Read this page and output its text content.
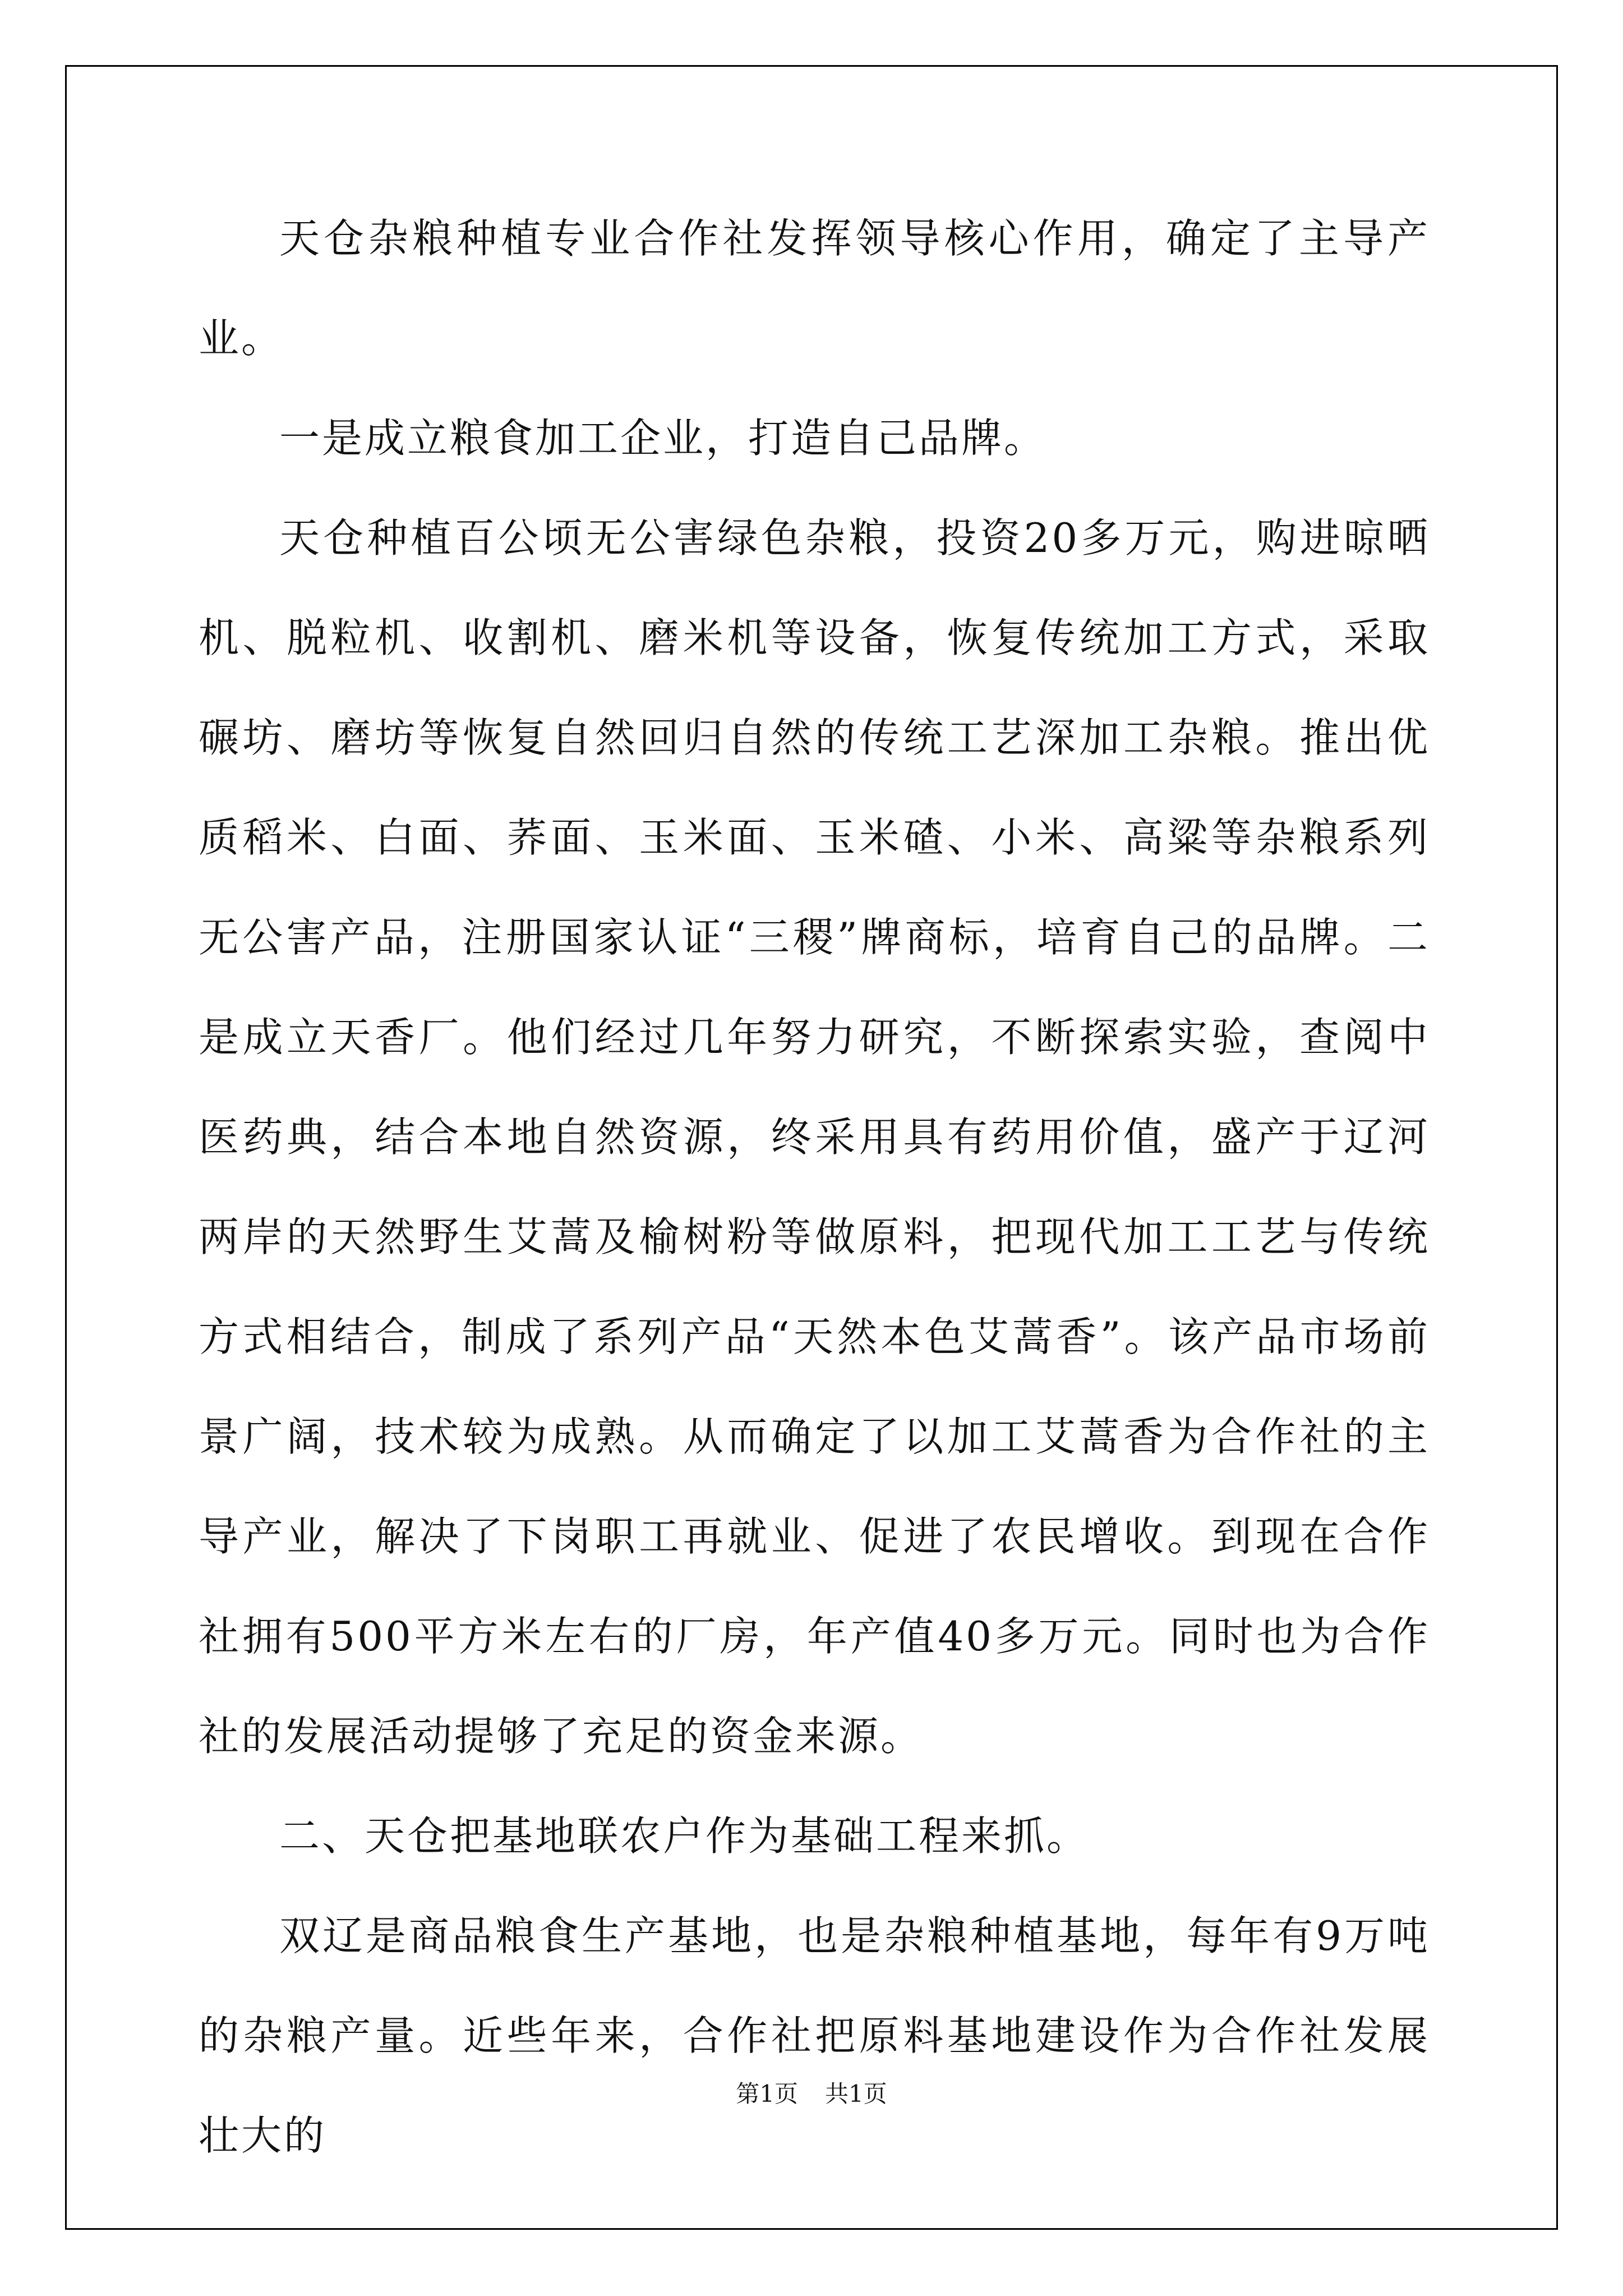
天仓杂粮种植专业合作社发挥领导核心作用，确定了主导产业。

一是成立粮食加工企业，打造自己品牌。

天仓种植百公顷无公害绿色杂粮，投资20多万元，购进晾晒机、脱粒机、收割机、磨米机等设备，恢复传统加工方式，采取碾坊、磨坊等恢复自然回归自然的传统工艺深加工杂粮。推出优质稻米、白面、荞面、玉米面、玉米碴、小米、高粱等杂粮系列无公害产品，注册国家认证“三稷”牌商标，培育自己的品牌。二是成立天香厂。他们经过几年努力研究，不断探索实验，查阅中医药典，结合本地自然资源，终采用具有药用价值，盛产于辽河两岸的天然野生艾蒿及榆树粉等做原料，把现代加工工艺与传统方式相结合，制成了系列产品“天然本色艾蒿香”。该产品市场前景广阔，技术较为成熟。从而确定了以加工艾蒿香为合作社的主导产业，解决了下岗职工再就业、促进了农民增收。到现在合作社拥有500平方米左右的厂房，年产值40多万元。同时也为合作社的发展活动提够了充足的资金来源。

二、天仓把基地联农户作为基础工程来抓。

双辽是商品粮食生产基地，也是杂粮种植基地，每年有9万吨的杂粮产量。近些年来，合作社把原料基地建设作为合作社发展壮大的

第1页 共1页
